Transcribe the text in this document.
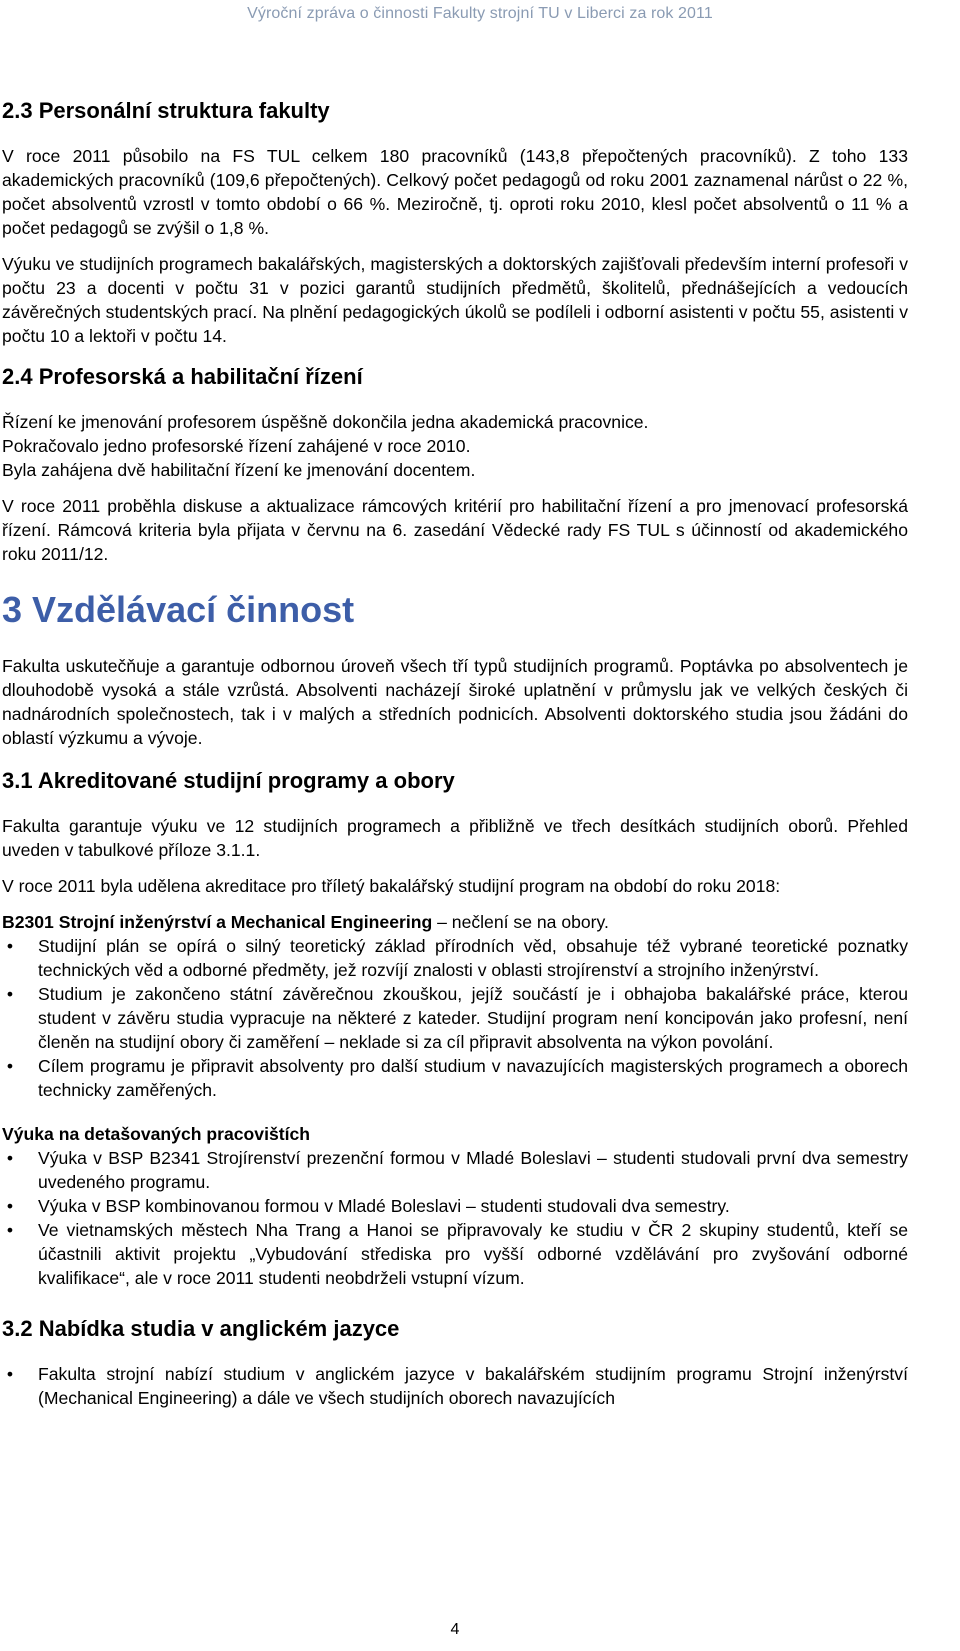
Výroční zpráva o činnosti Fakulty strojní TU v Liberci za rok 2011
2.3 Personální struktura fakulty

V roce 2011 působilo na FS TUL celkem 180 pracovníků (143,8 přepočtených pracovníků). Z toho 133 akademických pracovníků (109,6 přepočtených). Celkový počet pedagogů od roku 2001 zaznamenal nárůst o 22 %, počet absolventů vzrostl v tomto období o 66 %. Meziročně, tj. oproti roku 2010, klesl počet absolventů o 11 % a počet pedagogů se zvýšil o 1,8 %.

Výuku ve studijních programech bakalářských, magisterských a doktorských zajišťovali především interní profesoři v počtu 23 a docenti v počtu 31 v pozici garantů studijních předmětů, školitelů, přednášejících a vedoucích závěrečných studentských prací. Na plnění pedagogických úkolů se podíleli i odborní asistenti v počtu 55, asistenti v počtu 10 a lektoři v počtu 14.

2.4 Profesorská a habilitační řízení

Řízení ke jmenování profesorem úspěšně dokončila jedna akademická pracovnice.

Pokračovalo jedno profesorské řízení zahájené v roce 2010.

Byla zahájena dvě habilitační řízení ke jmenování docentem.

V roce 2011 proběhla diskuse a aktualizace rámcových kritérií pro habilitační řízení a pro jmenovací profesorská řízení. Rámcová kriteria byla přijata v červnu na 6. zasedání Vědecké rady FS TUL s účinností od akademického roku 2011/12.

3 Vzdělávací činnost

Fakulta uskutečňuje a garantuje odbornou úroveň všech tří typů studijních programů. Poptávka po absolventech je dlouhodobě vysoká a stále vzrůstá. Absolventi nacházejí široké uplatnění v průmyslu jak ve velkých českých či nadnárodních společnostech, tak i v malých a středních podnicích. Absolventi doktorského studia jsou žádáni do oblastí výzkumu a vývoje.

3.1 Akreditované studijní programy a obory

Fakulta garantuje výuku ve 12 studijních programech a přibližně ve třech desítkách studijních oborů. Přehled uveden v tabulkové příloze 3.1.1.

V roce 2011 byla udělena akreditace pro tříletý bakalářský studijní program na období do roku 2018:

B2301 Strojní inženýrství a Mechanical Engineering – nečlení se na obory.

• Studijní plán se opírá o silný teoretický základ přírodních věd, obsahuje též vybrané teoretické poznatky technických věd a odborné předměty, jež rozvíjí znalosti v oblasti strojírenství a strojního inženýrství.
• Studium je zakončeno státní závěrečnou zkouškou, jejíž součástí je i obhajoba bakalářské práce, kterou student v závěru studia vypracuje na některé z kateder. Studijní program není koncipován jako profesní, není členěn na studijní obory či zaměření – neklade si za cíl připravit absolventa na výkon povolání.
• Cílem programu je připravit absolventy pro další studium v navazujících magisterských programech a oborech technicky zaměřených.
Výuka na detašovaných pracovištích
• Výuka v BSP B2341 Strojírenství prezenční formou v Mladé Boleslavi – studenti studovali první dva semestry uvedeného programu.
• Výuka v BSP kombinovanou formou v Mladé Boleslavi – studenti studovali dva semestry.
• Ve vietnamských městech Nha Trang a Hanoi se připravovaly ke studiu v ČR 2 skupiny studentů, kteří se účastnili aktivit projektu „Vybudování střediska pro vyšší odborné vzdělávání pro zvyšování odborné kvalifikace“, ale v roce 2011 studenti neobdrželi vstupní vízum.
3.2 Nabídka studia v anglickém jazyce
• Fakulta strojní nabízí studium v anglickém jazyce v bakalářském studijním programu Strojní inženýrství (Mechanical Engineering) a dále ve všech studijních oborech navazujících
4
